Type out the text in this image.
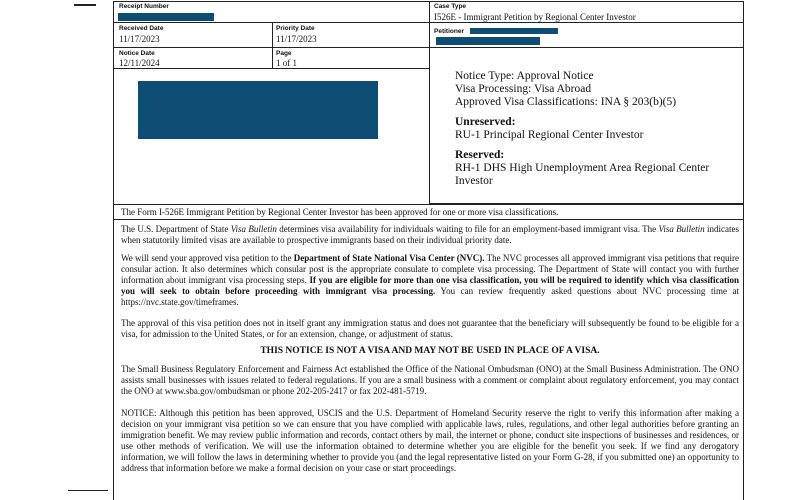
Receipt Number	Case Type
I526E - Immigrant Petition by Regional Center Investor
Received Date
11/17/2023
Priority Date
11/17/2023
Petitioner
Notice Date
12/11/2024
Page
1 of 1
Notice Type: Approval Notice
Visa Processing: Visa Abroad
Approved Visa Classifications: INA § 203(b)(5)
Unreserved:
RU-1 Principal Regional Center Investor
Reserved:
RH-1 DHS High Unemployment Area Regional Center
Investor
The Form I-526E Immigrant Petition by Regional Center Investor has been approved for one or more visa classifications.
The U.S. Department of State Visa Bulletin determines visa availability for individuals waiting to file for an employment-based immigrant visa. The Visa Bulletin indicates when statutorily limited visas are available to prospective immigrants based on their individual priority date.
We will send your approved visa petition to the Department of State National Visa Center (NVC). The NVC processes all approved immigrant visa petitions that require consular action. It also determines which consular post is the appropriate consulate to complete visa processing. The Department of State will contact you with further information about immigrant visa processing steps. If you are eligible for more than one visa classification, you will be required to identify which visa classification you will seek to obtain before proceeding with immigrant visa processing. You can review frequently asked questions about NVC processing time at https://nvc.state.gov/timeframes.
The approval of this visa petition does not in itself grant any immigration status and does not guarantee that the beneficiary will subsequently be found to be eligible for a visa, for admission to the United States, or for an extension, change, or adjustment of status.
THIS NOTICE IS NOT A VISA AND MAY NOT BE USED IN PLACE OF A VISA.
The Small Business Regulatory Enforcement and Fairness Act established the Office of the National Ombudsman (ONO) at the Small Business Administration. The ONO assists small businesses with issues related to federal regulations. If you are a small business with a comment or complaint about regulatory enforcement, you may contact the ONO at www.sba.gov/ombudsman or phone 202-205-2417 or fax 202-481-5719.
NOTICE: Although this petition has been approved, USCIS and the U.S. Department of Homeland Security reserve the right to verify this information after making a decision on your immigrant visa petition so we can ensure that you have complied with applicable laws, rules, regulations, and other legal authorities before granting an immigration benefit. We may review public information and records, contact others by mail, the internet or phone, conduct site inspections of businesses and residences, or use other methods of verification. We will use the information obtained to determine whether you are eligible for the benefit you seek. If we find any derogatory information, we will follow the laws in determining whether to provide you (and the legal representative listed on your Form G-28, if you submitted one) an opportunity to address that information before we make a formal decision on your case or start proceedings.
